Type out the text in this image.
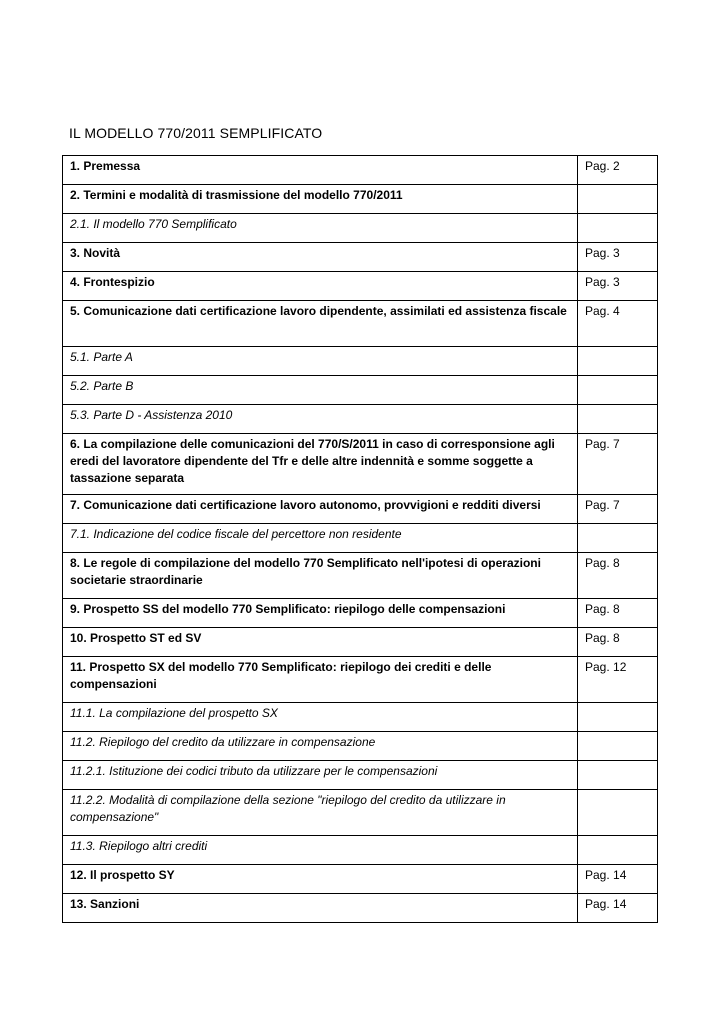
IL MODELLO 770/2011 SEMPLIFICATO
1. Premessa	Pag. 2
2. Termini e modalità di trasmissione del modello 770/2011	
2.1. Il modello 770 Semplificato	
3. Novità	Pag. 3
4. Frontespizio	Pag. 3
5. Comunicazione dati certificazione lavoro dipendente, assimilati ed assistenza fiscale	Pag. 4
5.1. Parte A	
5.2. Parte B	
5.3. Parte D - Assistenza 2010	
6. La compilazione delle comunicazioni del 770/S/2011 in caso di corresponsione agli eredi del lavoratore dipendente del Tfr e delle altre indennità e somme soggette a tassazione separata	Pag. 7
7. Comunicazione dati certificazione lavoro autonomo, provvigioni e redditi diversi	Pag. 7
7.1. Indicazione del codice fiscale del percettore non residente	
8. Le regole di compilazione del modello 770 Semplificato nell'ipotesi di operazioni societarie straordinarie	Pag. 8
9. Prospetto SS del modello 770 Semplificato: riepilogo delle compensazioni	Pag. 8
10. Prospetto ST ed SV	Pag. 8
11. Prospetto SX del modello 770 Semplificato: riepilogo dei crediti e delle compensazioni	Pag. 12
11.1. La compilazione del prospetto SX	
11.2. Riepilogo del credito da utilizzare in compensazione	
11.2.1. Istituzione dei codici tributo da utilizzare per le compensazioni	
11.2.2. Modalità di compilazione della sezione "riepilogo del credito da utilizzare in compensazione"	
11.3. Riepilogo altri crediti	
12. Il prospetto SY	Pag. 14
13. Sanzioni	Pag. 14
